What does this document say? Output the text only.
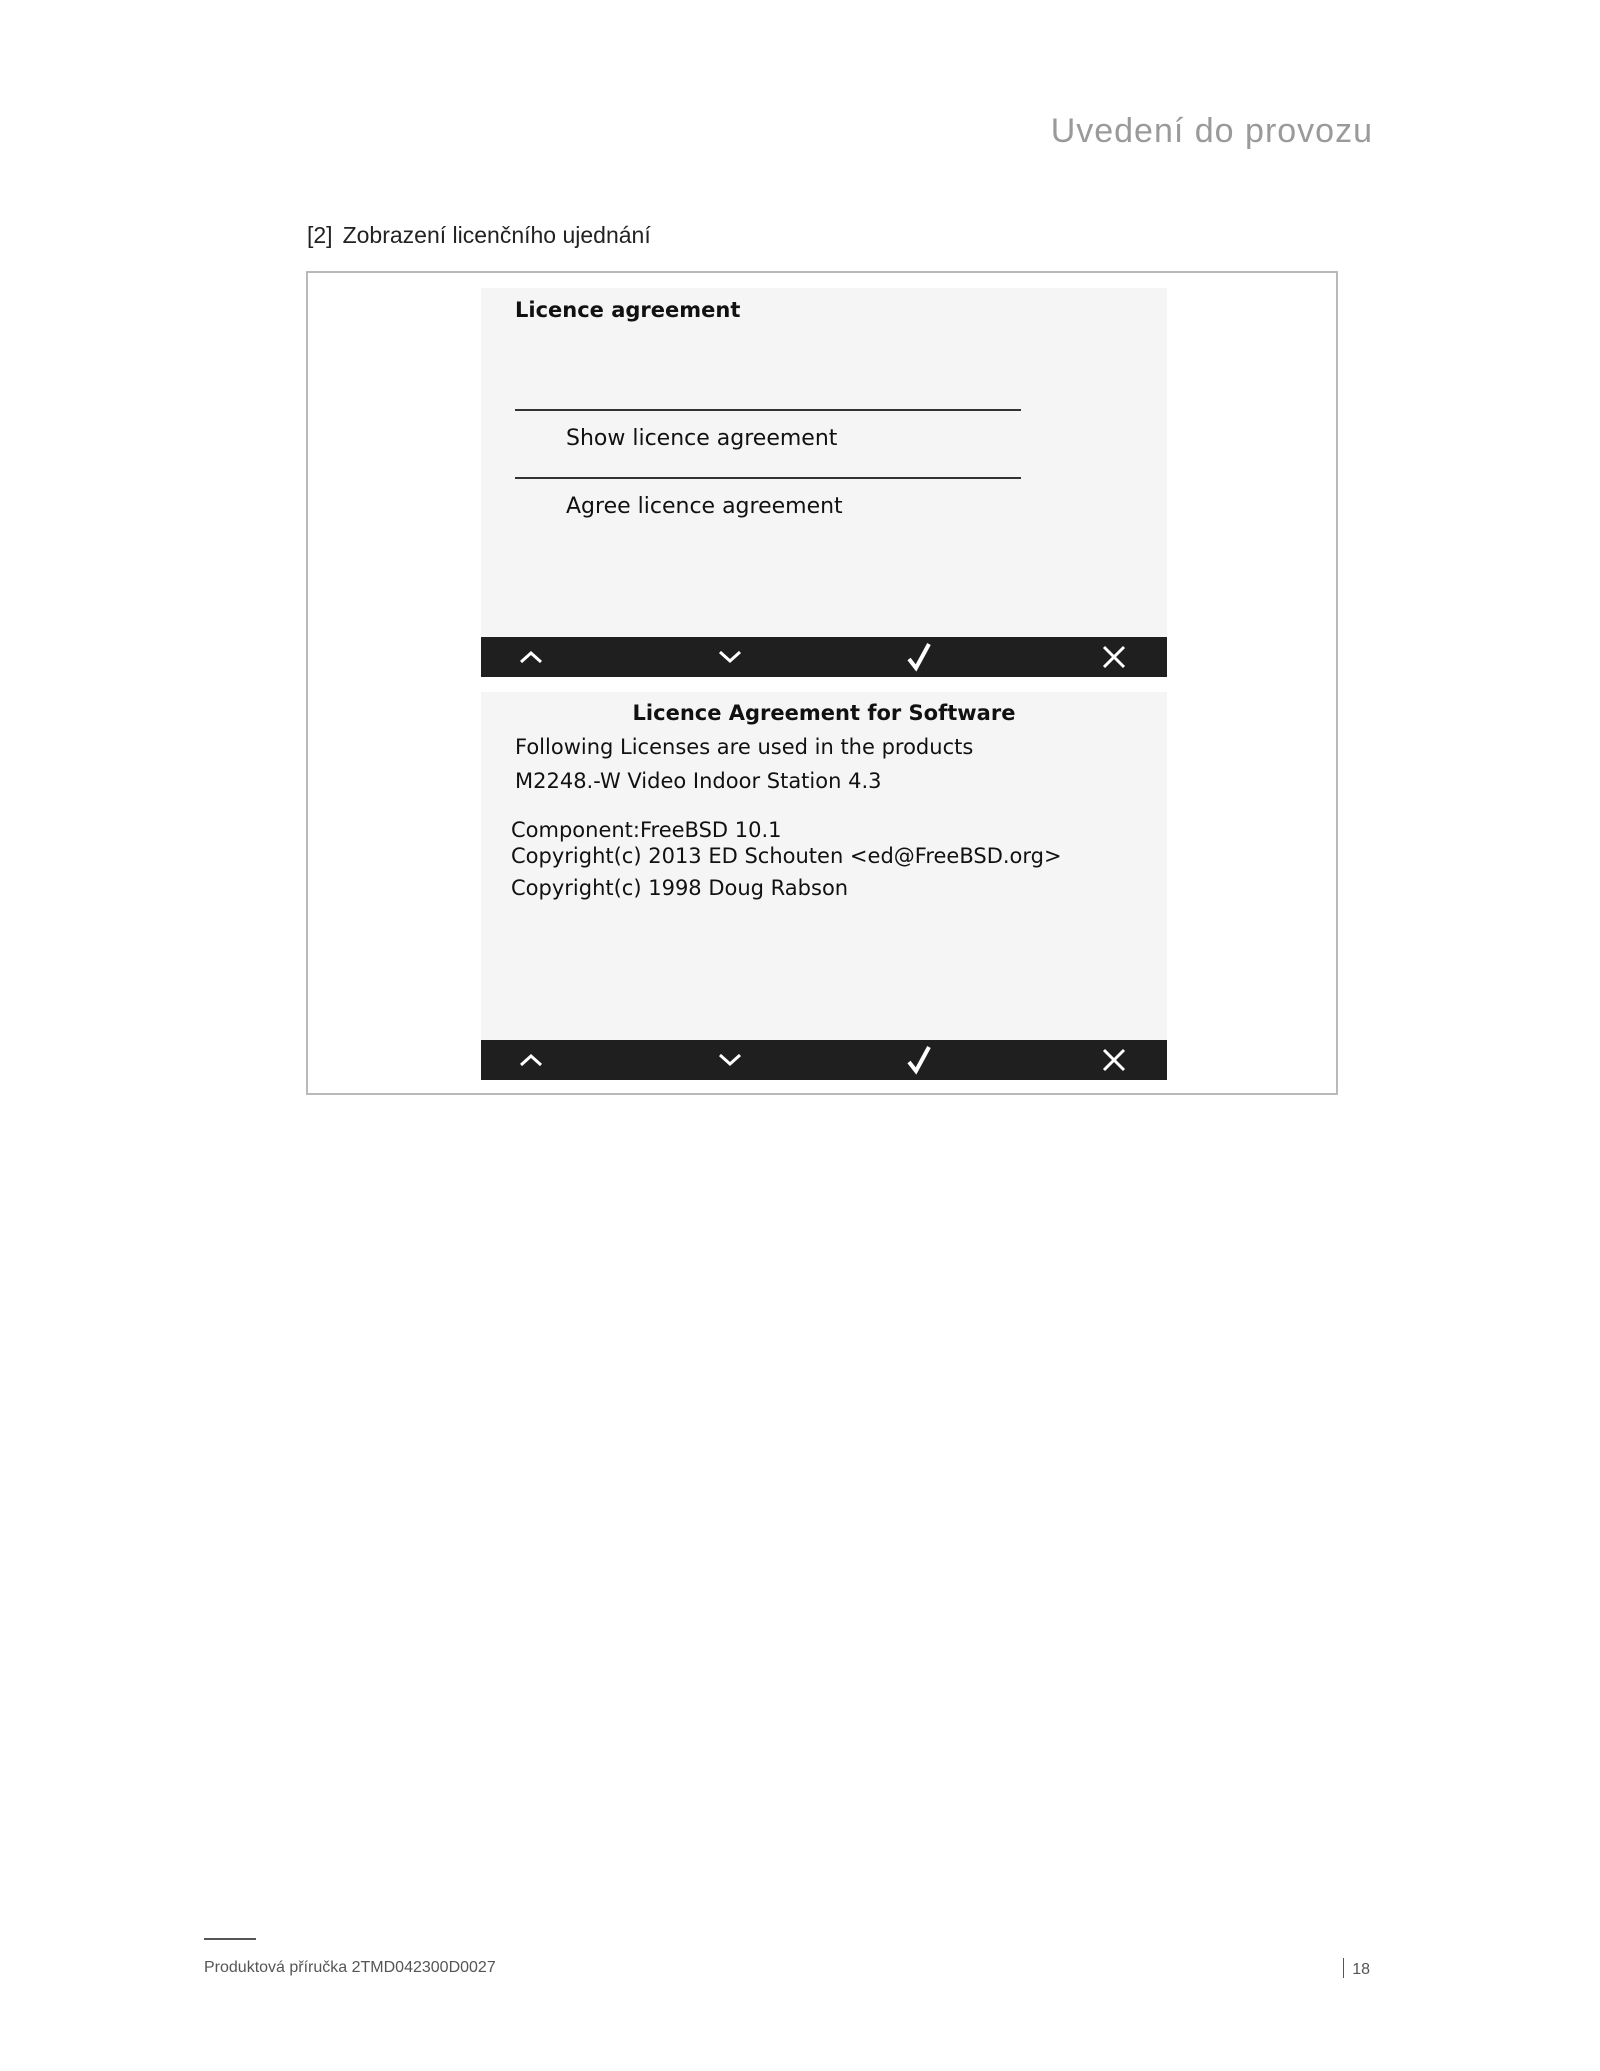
Uvedení do provozu
[2] Zobrazení licenčního ujednání
Licence agreement
Show licence agreement
Agree licence agreement
Licence Agreement for Software
Following Licenses are used in the products
M2248.-W Video Indoor Station 4.3
Component:FreeBSD 10.1
Copyright(c) 2013 ED Schouten <ed@FreeBSD.org>
Copyright(c) 1998 Doug Rabson
Produktová příručka 2TMD042300D0027	18
